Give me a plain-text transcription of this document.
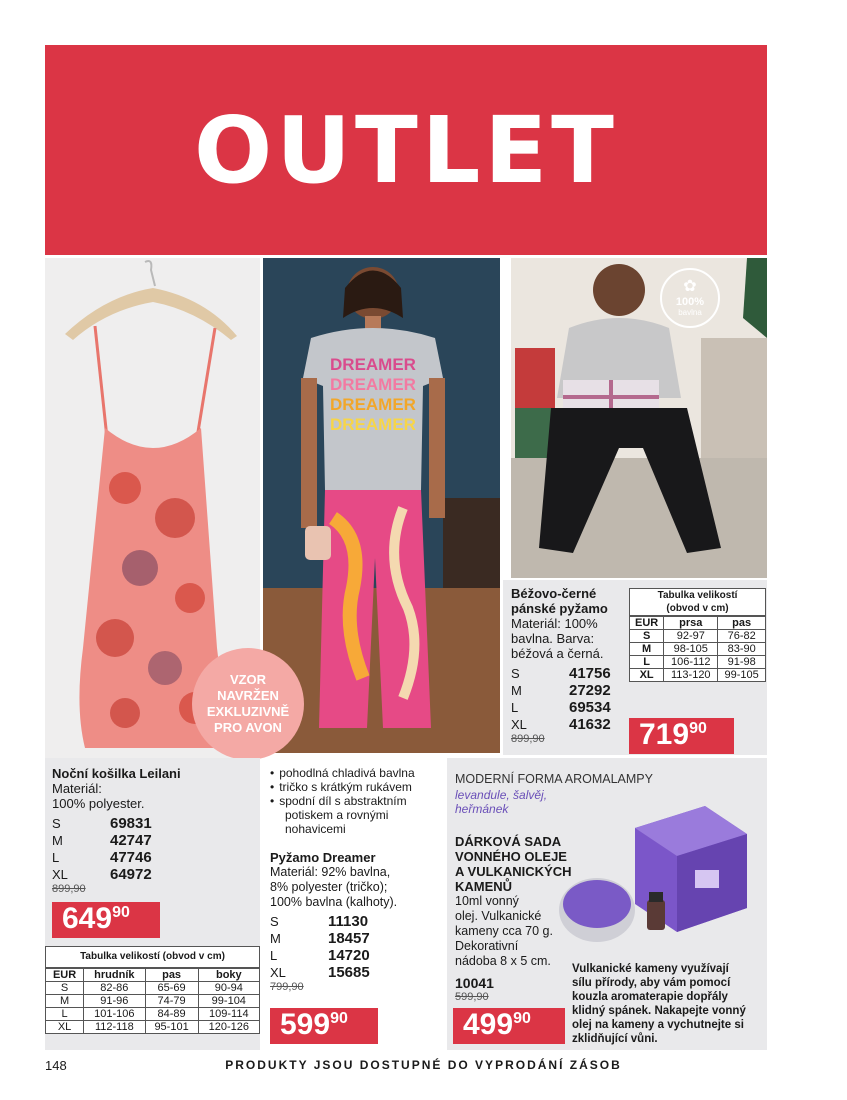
OUTLET
DREAMER
DREAMER
DREAMER
DREAMER
VZOR
NAVRŽEN
EXKLUZIVNĚ
PRO AVON
✿
100%
bavlna
Béžovo-černé
pánské pyžamo
Materiál: 100%
bavlna. Barva:
béžová a černá.
S	41756
M	27292
L	69534
XL	41632
899,90
Tabulka velikostí
(obvod v cm)
EUR	prsa	pas
S	92-97	76-82
M	98-105	83-90
L	106-112	91-98
XL	113-120	99-105
719 90
Noční košilka Leilani
Materiál:
100% polyester.
S	69831
M	42747
L	47746
XL	64972
899,90
649 90
Tabulka velikostí (obvod v cm)
EUR	hrudník	pas	boky
S	82-86	65-69	90-94
M	91-96	74-79	99-104
L	101-106	84-89	109-114
XL	112-118	95-101	120-126
• pohodlná chladivá bavlna
• tričko s krátkým rukávem
• spodní díl s abstraktním
potiskem a rovnými
nohavicemi
Pyžamo Dreamer
Materiál: 92% bavlna,
8% polyester (tričko);
100% bavlna (kalhoty).
S	11130
M	18457
L	14720
XL	15685
799,90
599 90
MODERNÍ FORMA AROMALAMPY
levandule, šalvěj,
heřmánek
DÁRKOVÁ SADA
VONNÉHO OLEJE
A VULKANICKÝCH
KAMENŮ
10ml vonný
olej. Vulkanické
kameny cca 70 g.
Dekorativní
nádoba 8 x 5 cm.
10041
599,90
Vulkanické kameny využívají
sílu přírody, aby vám pomocí
kouzla aromaterapie dopřály
klidný spánek. Nakapejte vonný
olej na kameny a vychutnejte si
zklidňující vůni.
499 90
148	PRODUKTY JSOU DOSTUPNÉ DO VYPRODÁNÍ ZÁSOB
